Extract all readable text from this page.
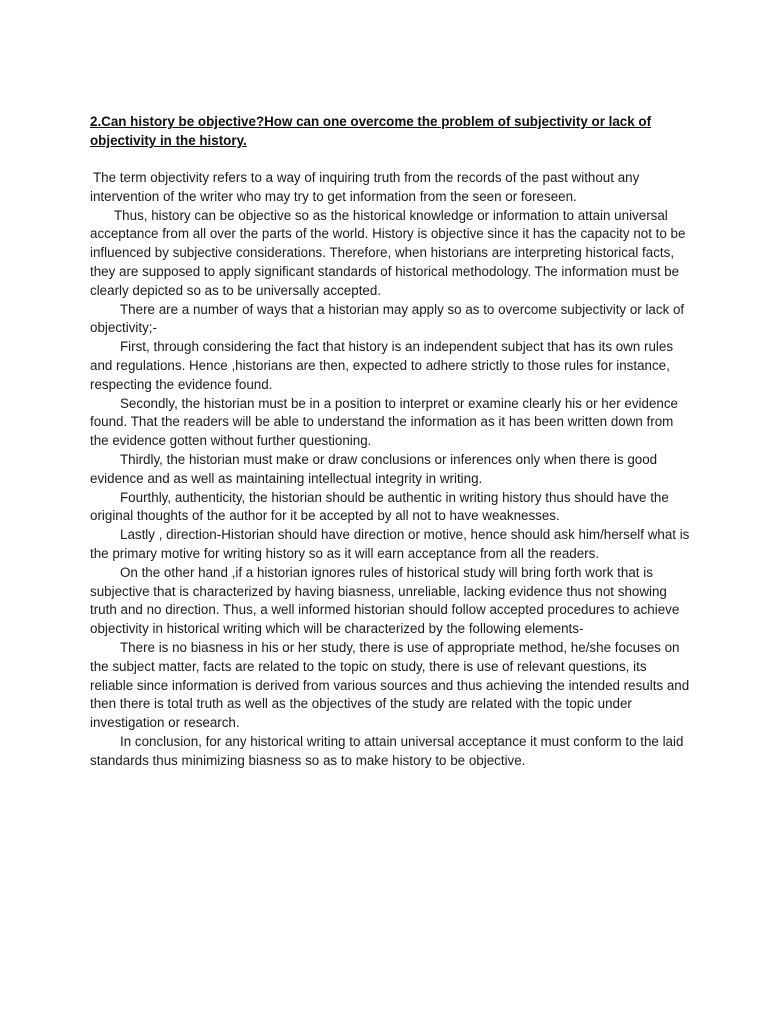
2.Can history be objective?How can one overcome the problem of subjectivity or lack of objectivity in the history.

The term objectivity refers to a way of inquiring truth from the records of the past without any intervention of the writer who may try to get information from the seen or foreseen.

Thus, history can be objective so as the historical knowledge or information to attain universal acceptance from all over the parts of the world. History is objective since it has the capacity not to be influenced by subjective considerations. Therefore, when historians are interpreting historical facts, they are supposed to apply significant standards of historical methodology. The information must be clearly depicted so as to be universally accepted.

There are a number of ways that a historian may apply so as to overcome subjectivity or lack of objectivity;-

First, through considering the fact that history is an independent subject that has its own rules and regulations. Hence ,historians are then, expected to adhere strictly to those rules for instance, respecting the evidence found.

Secondly, the historian must be in a position to interpret or examine clearly his or her evidence found. That the readers will be able to understand the information as it has been written down from the evidence gotten without further questioning.

Thirdly, the historian must make or draw conclusions or inferences only when there is good evidence and as well as maintaining intellectual integrity in writing.

Fourthly, authenticity, the historian should be authentic in writing history thus should have the original thoughts of the author for it be accepted by all not to have weaknesses.

Lastly , direction-Historian should have direction or motive, hence should ask him/herself what is the primary motive for writing history so as it will earn acceptance from all the readers.

On the other hand ,if a historian ignores rules of historical study will bring forth work that is subjective that is characterized by having biasness, unreliable, lacking evidence thus not showing truth and no direction. Thus, a well informed historian should follow accepted procedures to achieve objectivity in historical writing which will be characterized by the following elements-

There is no biasness in his or her study, there is use of appropriate method, he/she focuses on the subject matter, facts are related to the topic on study, there is use of relevant questions, its reliable since information is derived from various sources and thus achieving the intended results and then there is total truth as well as the objectives of the study are related with the topic under investigation or research.

In conclusion, for any historical writing to attain universal acceptance it must conform to the laid standards thus minimizing biasness so as to make history to be objective.
